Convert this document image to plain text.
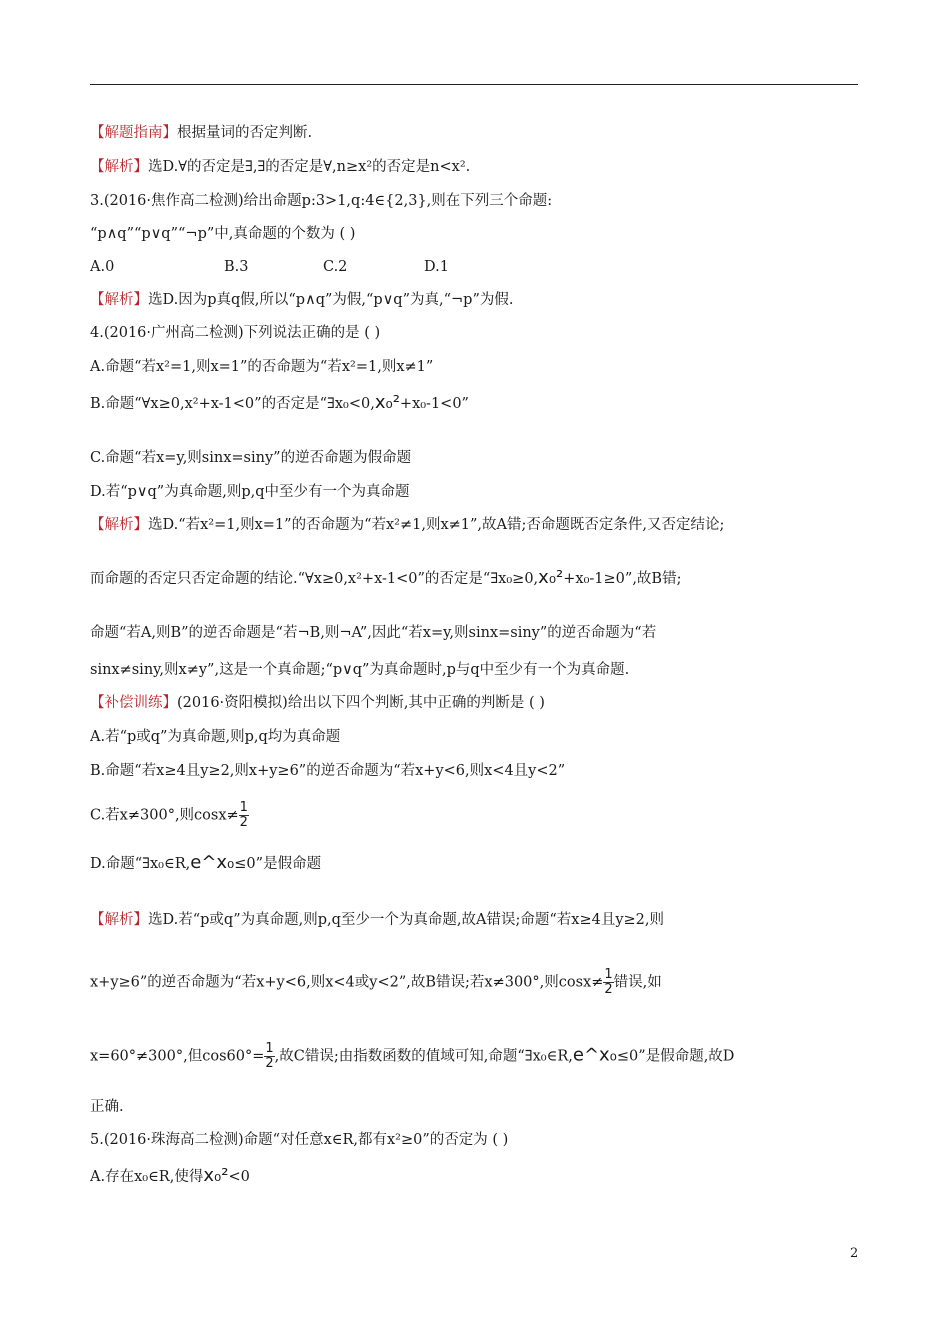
【解题指南】根据量词的否定判断.
【解析】选D.∀的否定是∃,∃的否定是∀,n≥x²的否定是n<x².
3.(2016·焦作高二检测)给出命题p:3>1,q:4∈{2,3},则在下列三个命题:
“p∧q”“p∨q”“¬p”中,真命题的个数为 ( )
A.0	B.3	C.2	D.1
【解析】选D.因为p真q假,所以“p∧q”为假,“p∨q”为真,“¬p”为假.
4.(2016·广州高二检测)下列说法正确的是 ( )
A.命题“若x²=1,则x=1”的否命题为“若x²=1,则x≠1”
B.命题“∀x≥0,x²+x-1<0”的否定是“∃x₀<0,x₀²+x₀-1<0”
C.命题“若x=y,则sinx=siny”的逆否命题为假命题
D.若“p∨q”为真命题,则p,q中至少有一个为真命题
【解析】选D.“若x²=1,则x=1”的否命题为“若x²≠1,则x≠1”,故A错;否命题既否定条件,又否定结论;
而命题的否定只否定命题的结论.“∀x≥0,x²+x-1<0”的否定是“∃x₀≥0,x₀²+x₀-1≥0”,故B错;
命题“若A,则B”的逆否命题是“若¬B,则¬A”,因此“若x=y,则sinx=siny”的逆否命题为“若
sinx≠siny,则x≠y”,这是一个真命题;“p∨q”为真命题时,p与q中至少有一个为真命题.
【补偿训练】(2016·资阳模拟)给出以下四个判断,其中正确的判断是 ( )
A.若“p或q”为真命题,则p,q均为真命题
B.命题“若x≥4且y≥2,则x+y≥6”的逆否命题为“若x+y<6,则x<4且y<2”
C.若x≠300°,则$\cos x\ne \frac{1}{2}$
D.命题“∃x₀∈R,e^x₀≤0”是假命题
【解析】选D.若“p或q”为真命题,则p,q至少一个为真命题,故A错误;命题“若x≥4且y≥2,则
x+y≥6”的逆否命题为“若x+y<6,则x<4或y<2”,故B错误;若x≠300°,则$\cos x\ne \frac{1}{2}$ 错误,如
x=60°≠300°,但$\cos 60^\circ= \frac{1}{2}$ ,故C错误;由指数函数的值域可知,命题“∃x₀∈R,e^x₀≤0”是假命题,故D
正确.
5.(2016·珠海高二检测)命题“对任意x∈R,都有x²≥0”的否定为 ( )
A.存在x₀∈R,使得x₀²<0
2
